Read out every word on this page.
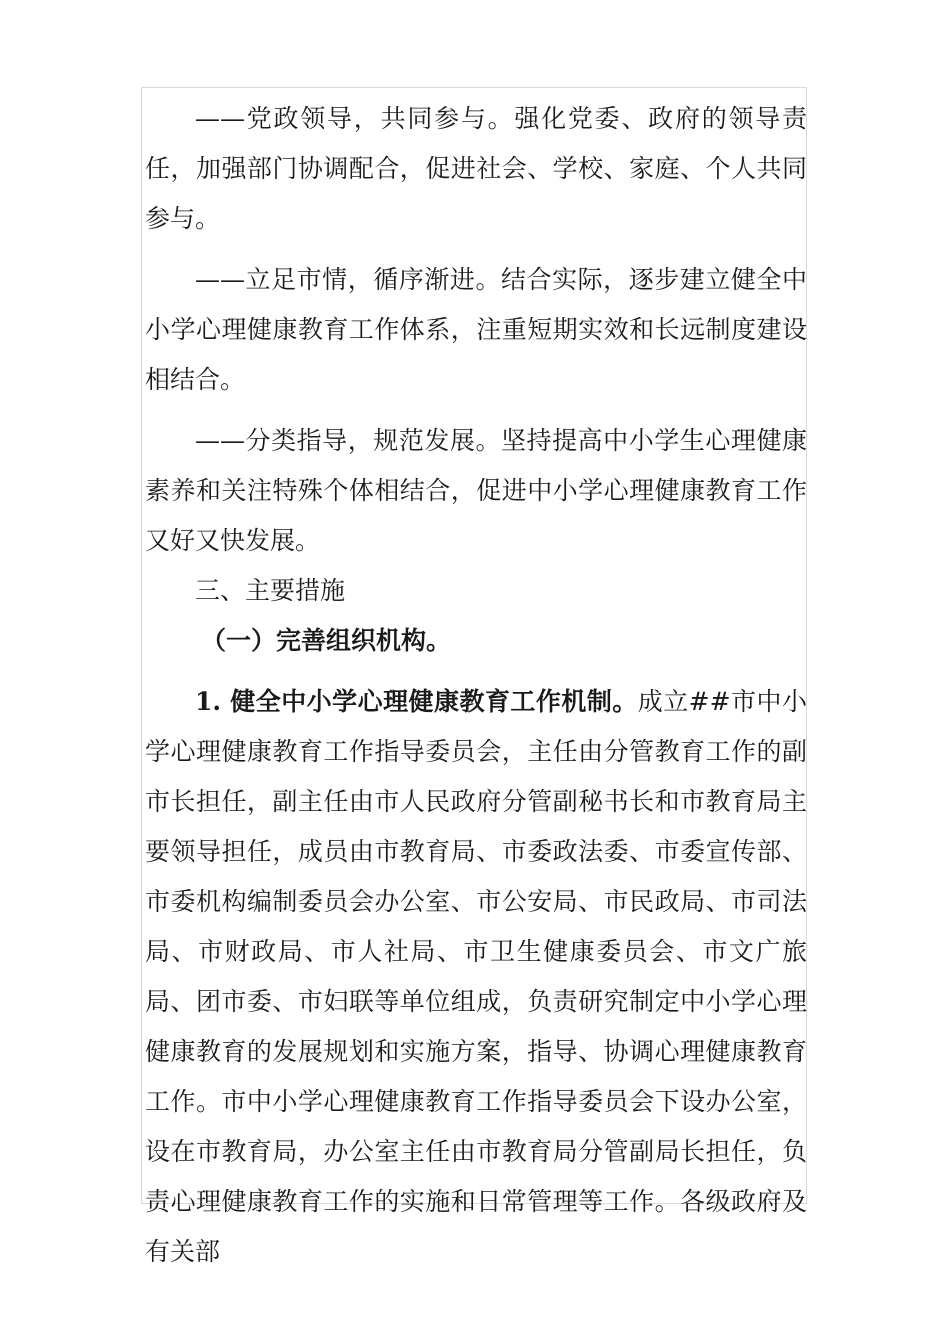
——党政领导，共同参与。强化党委、政府的领导责任，加强部门协调配合，促进社会、学校、家庭、个人共同参与。

——立足市情，循序渐进。结合实际，逐步建立健全中小学心理健康教育工作体系，注重短期实效和长远制度建设相结合。

——分类指导，规范发展。坚持提高中小学生心理健康素养和关注特殊个体相结合，促进中小学心理健康教育工作又好又快发展。

三、主要措施

（一）完善组织机构。

1. 健全中小学心理健康教育工作机制。成立##市中小学心理健康教育工作指导委员会，主任由分管教育工作的副市长担任，副主任由市人民政府分管副秘书长和市教育局主要领导担任，成员由市教育局、市委政法委、市委宣传部、市委机构编制委员会办公室、市公安局、市民政局、市司法局、市财政局、市人社局、市卫生健康委员会、市文广旅局、团市委、市妇联等单位组成，负责研究制定中小学心理健康教育的发展规划和实施方案，指导、协调心理健康教育工作。市中小学心理健康教育工作指导委员会下设办公室，设在市教育局，办公室主任由市教育局分管副局长担任，负责心理健康教育工作的实施和日常管理等工作。各级政府及有关部
